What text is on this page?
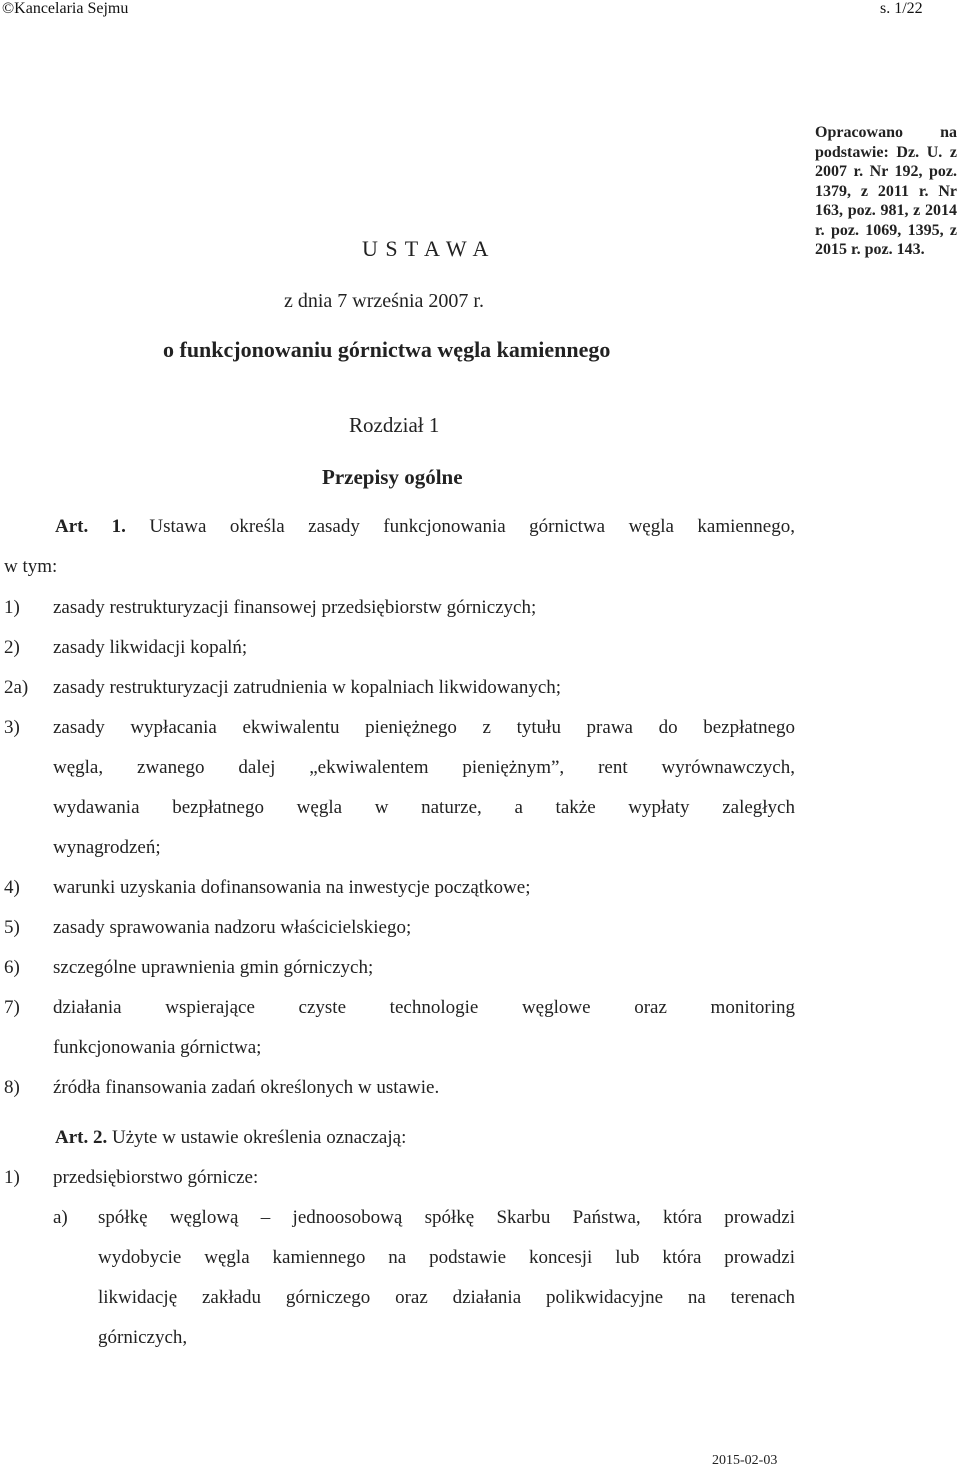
©Kancelaria Sejmu	s. 1/22
U S T A W A
z dnia 7 września 2007 r.
Opracowano na podstawie: Dz. U. z 2007 r. Nr 192, poz. 1379, z 2011 r. Nr 163, poz. 981, z 2014 r. poz. 1069, 1395, z 2015 r. poz. 143.
o funkcjonowaniu górnictwa węgla kamiennego
Rozdział 1
Przepisy ogólne
Art. 1. Ustawa określa zasady funkcjonowania górnictwa węgla kamiennego,
w tym:
1) zasady restrukturyzacji finansowej przedsiębiorstw górniczych;
2) zasady likwidacji kopalń;
2a) zasady restrukturyzacji zatrudnienia w kopalniach likwidowanych;
3) zasady wypłacania ekwiwalentu pieniężnego z tytułu prawa do bezpłatnego
węgla, zwanego dalej „ekwiwalentem pieniężnym”, rent wyrównawczych,
wydawania bezpłatnego węgla w naturze, a także wypłaty zaległych
wynagrodzeń;
4) warunki uzyskania dofinansowania na inwestycje początkowe;
5) zasady sprawowania nadzoru właścicielskiego;
6) szczególne uprawnienia gmin górniczych;
7) działania wspierające czyste technologie węglowe oraz monitoring
funkcjonowania górnictwa;
8) źródła finansowania zadań określonych w ustawie.
Art. 2. Użyte w ustawie określenia oznaczają:
1) przedsiębiorstwo górnicze:
a) spółkę węglową – jednoosobową spółkę Skarbu Państwa, która prowadzi
wydobycie węgla kamiennego na podstawie koncesji lub która prowadzi
likwidację zakładu górniczego oraz działania polikwidacyjne na terenach
górniczych,
2015-02-03
